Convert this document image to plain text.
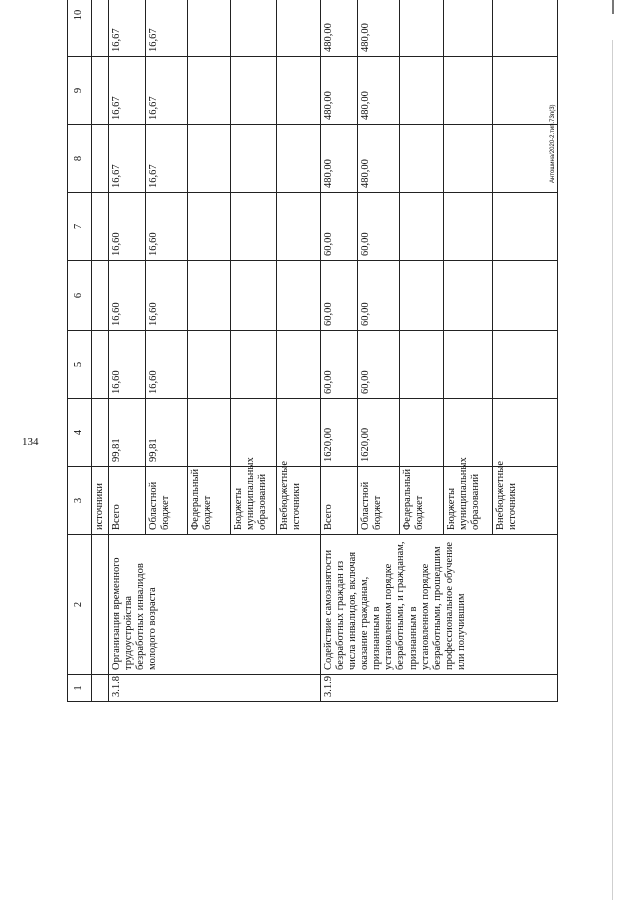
134
1	2	3	4	5	6	7	8	9	10
		источники							
3.1.8	Организация временного трудоустройства безработных инвалидов молодого возраста	Всего	99,81	16,60	16,60	16,60	16,67	16,67	16,67
		Областной бюджет	99,81	16,60	16,60	16,60	16,67	16,67	16,67
		Федеральный бюджет							
		Бюджеты муниципальных образований							
		Внебюджетные источники							
3.1.9	Содействие самозанятости безработных граждан из числа инвалидов, включая оказание гражданам, признанным в установленном порядке безработными, и гражданам, признанным в установленном порядке безработными, прошедшим профессиональное обучение или получившим	Всего	1620,00	60,00	60,00	60,00	480,00	480,00	480,00
		Областной бюджет	1620,00	60,00	60,00	60,00	480,00	480,00	480,00
		Федеральный бюджет							
		Бюджеты муниципальных образований							
		Внебюджетные источники							
Антошина/2020-2.тип.73n(3)
